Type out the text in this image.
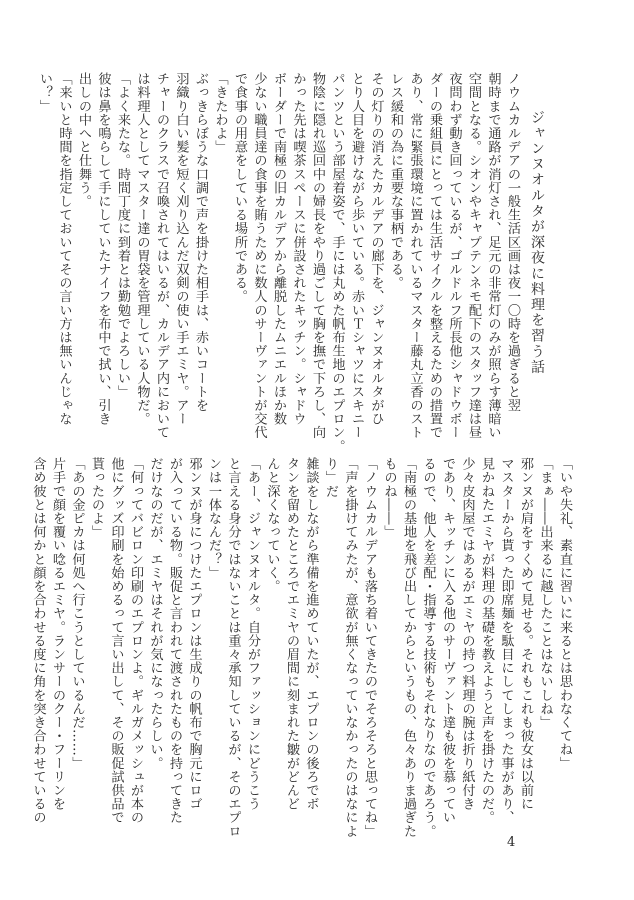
ジャンヌオルタが深夜に料理を習う話

ノウムカルデアの一般生活区画は夜一〇時を過ぎると翌

朝時まで通路が消灯され、足元の非常灯のみが照らす薄暗い

空間となる。シオンやキャプテンネモ配下のスタッフ達は昼

夜問わず動き回っているが、ゴルドルフ所長他シャドウボー

ダーの乗組員にとっては生活サイクルを整えるための措置で

あり、常に緊張環境に置かれているマスター藤丸立香のスト

レス緩和の為に重要な事柄である。

その灯りの消えたカルデアの廊下を、ジャンヌオルタがひ

とり人目を避けながら歩いている。赤いＴシャツにスキニー

パンツという部屋着姿で、手には丸めた帆布生地のエプロン。

物陰に隠れ巡回中の婦長をやり過ごして胸を撫で下ろし、向

かった先は喫茶スペースに併設されたキッチン。シャドウ

ボーダーで南極の旧カルデアから離脱したムニエルほか数

少ない職員達の食事を賄うために数人のサーヴァントが交代

で食事の用意をしている場所である。

「きたわよ」

ぶっきらぼうな口調で声を掛けた相手は、赤いコートを

羽織り白い髪を短く刈り込んだ双剣の使い手エミヤ。アー

チャーのクラスで召喚されてはいるが、カルデア内において

は料理人としてマスター達の胃袋を管理している人物だ。

「よく来たな。時間丁度に到着とは勤勉でよろしい」

彼は鼻を鳴らして手にしていたナイフを布中で拭い、引き

出しの中へと仕舞う。

「来いと時間を指定しておいてその言い方は無いんじゃな

い？」

「いや失礼、素直に習いに来るとは思わなくてね」

「まぁ――出来るに越したことはないしね」

邪ンヌが肩をすくめて見せる。それもこれも彼女は以前に

マスターから貰った即席麺を駄目にしてしまった事があり、

見かねたエミヤが料理の基礎を教えようと声を掛けたのだ。

少々皮肉屋ではあるがエミヤの持つ料理の腕は折り紙付き

であり、キッチンに入る他のサーヴァント達も彼を慕ってい

るので、他人を差配・指導する技術もそれなりなのであろう。

「南極の基地を飛び出してからというもの、色々ありま過ぎた

ものね――」

「ノウムカルデアも落ち着いてきたのでそろそろと思ってね」

「声を掛けてみたが、意欲が無くなっていなかったのはなによ

り」だ

雑談をしながら準備を進めていたが、エプロンの後ろでボ

タンを留めたところでエミヤの眉間に刻まれた皺がどんど

んと深くなっていく。

「あー、ジャンヌオルタ。自分がファッションにどうこう

と言える身分ではないことは重々承知しているが、そのエプロ

ンは一体なんだ？」

邪ンヌが身につけたエプロンは生成りの帆布で胸元にロゴ

が入っている物。販促と言われて渡されたものを持ってきた

だけなのだが、エミヤはそれが気になったらしい。

「何ってバビロン印刷のエプロンよ。ギルガメッシュが本の

他にグッズ印刷を始めるって言い出して、その販促試供品で

貰ったのよ」

「あの金ピカは何処へ行こうとしているんだ……」

片手で顔を覆い唸るエミヤ。ランサーのクー・フーリンを

含め彼とは何かと顔を合わせる度に角を突き合わせているの

4
